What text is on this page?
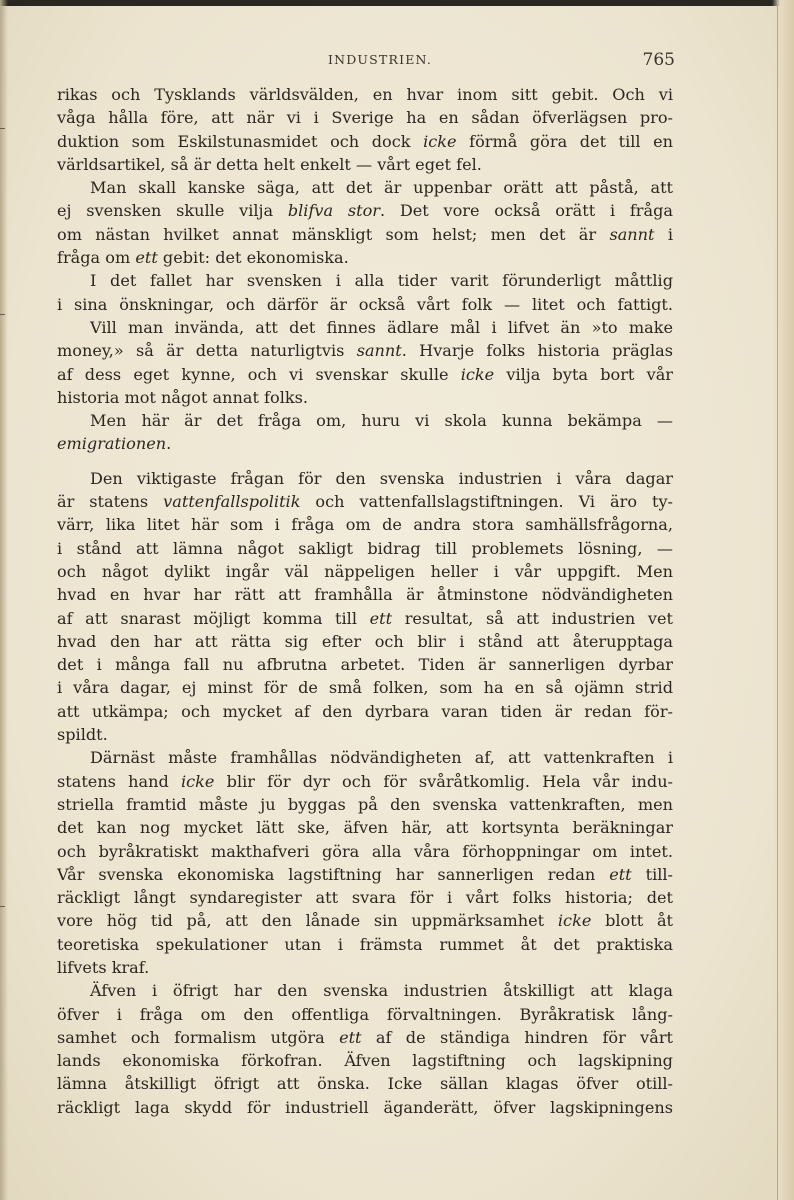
INDUSTRIEN.	765
rikas och Tysklands världsvälden, en hvar inom sitt gebit. Och vi
våga hålla före, att när vi i Sverige ha en sådan öfverlägsen pro-
duktion som Eskilstunasmidet och dock icke förmå göra det till en
världsartikel, så är detta helt enkelt — vårt eget fel.
Man skall kanske säga, att det är uppenbar orätt att påstå, att
ej svensken skulle vilja blifva stor. Det vore också orätt i fråga
om nästan hvilket annat mänskligt som helst; men det är sannt i
fråga om ett gebit: det ekonomiska.
I det fallet har svensken i alla tider varit förunderligt måttlig
i sina önskningar, och därför är också vårt folk — litet och fattigt.
Vill man invända, att det finnes ädlare mål i lifvet än »to make
money,» så är detta naturligtvis sannt. Hvarje folks historia präglas
af dess eget kynne, och vi svenskar skulle icke vilja byta bort vår
historia mot något annat folks.
Men här är det fråga om, huru vi skola kunna bekämpa —
emigrationen.
Den viktigaste frågan för den svenska industrien i våra dagar
är statens vattenfallspolitik och vattenfallslagstiftningen. Vi äro ty-
värr, lika litet här som i fråga om de andra stora samhällsfrågorna,
i stånd att lämna något sakligt bidrag till problemets lösning, —
och något dylikt ingår väl näppeligen heller i vår uppgift. Men
hvad en hvar har rätt att framhålla är åtminstone nödvändigheten
af att snarast möjligt komma till ett resultat, så att industrien vet
hvad den har att rätta sig efter och blir i stånd att återupptaga
det i många fall nu afbrutna arbetet. Tiden är sannerligen dyrbar
i våra dagar, ej minst för de små folken, som ha en så ojämn strid
att utkämpa; och mycket af den dyrbara varan tiden är redan för-
spildt.
Därnäst måste framhållas nödvändigheten af, att vattenkraften i
statens hand icke blir för dyr och för svåråtkomlig. Hela vår indu-
striella framtid måste ju byggas på den svenska vattenkraften, men
det kan nog mycket lätt ske, äfven här, att kortsynta beräkningar
och byråkratiskt makthafveri göra alla våra förhoppningar om intet.
Vår svenska ekonomiska lagstiftning har sannerligen redan ett till-
räckligt långt syndaregister att svara för i vårt folks historia; det
vore hög tid på, att den lånade sin uppmärksamhet icke blott åt
teoretiska spekulationer utan i främsta rummet åt det praktiska
lifvets kraf.
Äfven i öfrigt har den svenska industrien åtskilligt att klaga
öfver i fråga om den offentliga förvaltningen. Byråkratisk lång-
samhet och formalism utgöra ett af de ständiga hindren för vårt
lands ekonomiska förkofran. Äfven lagstiftning och lagskipning
lämna åtskilligt öfrigt att önska. Icke sällan klagas öfver otill-
räckligt laga skydd för industriell äganderätt, öfver lagskipningens
